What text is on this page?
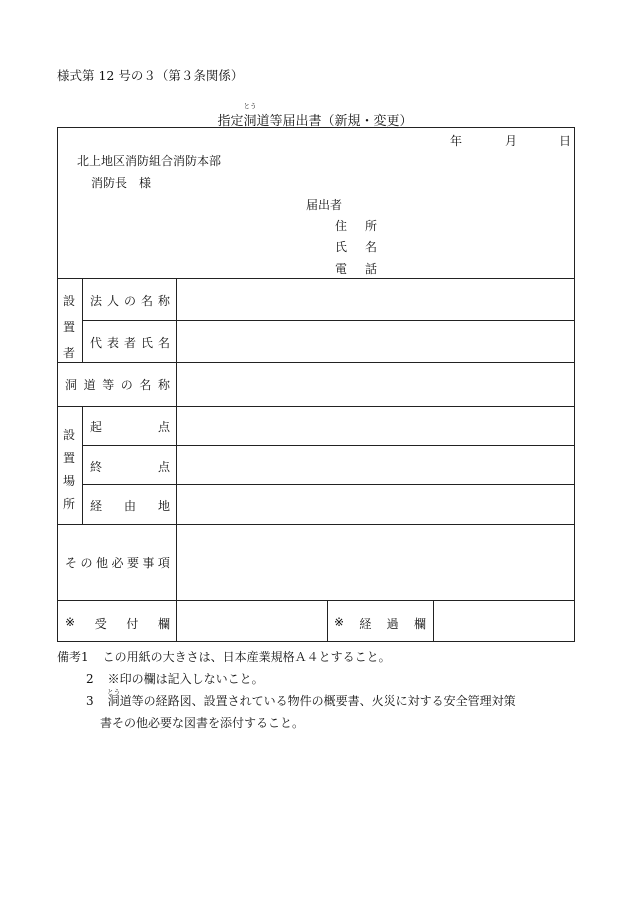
様式第 12 号の３（第３条関係）
指定洞
とう
道等届出書（新規・変更）
年	月	日
北上地区消防組合消防本部
消防長　様
届出者
住 所
氏 名
電 話
設
置
者
法 人 の 名 称
代 表 者 氏 名
洞 道 等 の 名 称
設
置
場
所
起	点
終	点
経 由 地
そ の 他 必 要 事 項
※ 受 付 欄	※ 経 過 欄
備考1 この用紙の大きさは、日本産業規格Ａ４とすること。
2 ※印の欄は記入しないこと。
3 洞
とう
道等の経路図、設置されている物件の概要書、火災に対する安全管理対策
書その他必要な図書を添付すること。
